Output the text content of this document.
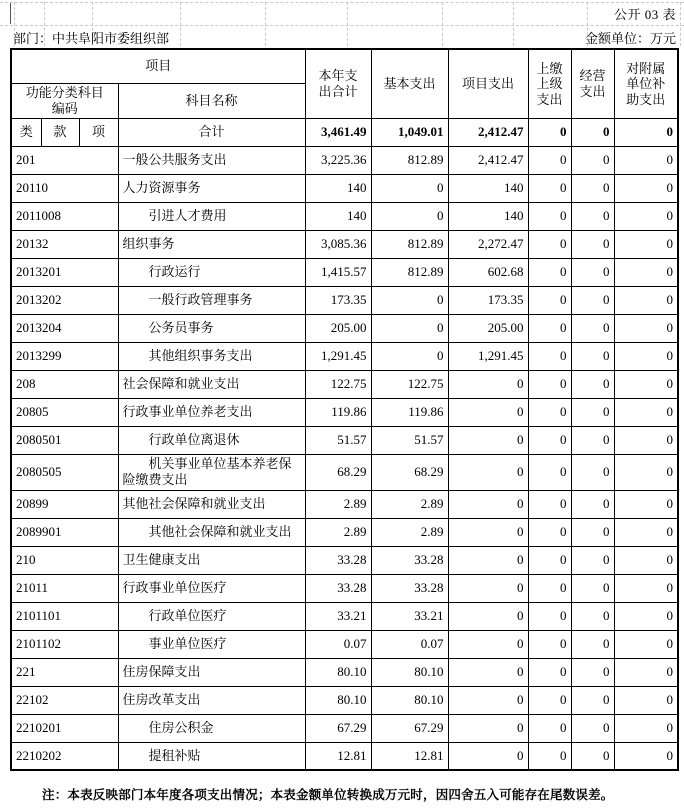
公开 03 表
部门：中共阜阳市委组织部	金额单位：万元
项目				本年支出合计	基本支出	项目支出	上缴上级支出	经营支出	对附属单位补助支出
功能分类科目编码			科目名称						
类	款	项	合计	3,461.49	1,049.01	2,412.47	0	0	0
201			一般公共服务支出	3,225.36	812.89	2,412.47	0	0	0
20110			人力资源事务	140	0	140	0	0	0
2011008			引进人才费用	140	0	140	0	0	0
20132			组织事务	3,085.36	812.89	2,272.47	0	0	0
2013201			行政运行	1,415.57	812.89	602.68	0	0	0
2013202			一般行政管理事务	173.35	0	173.35	0	0	0
2013204			公务员事务	205.00	0	205.00	0	0	0
2013299			其他组织事务支出	1,291.45	0	1,291.45	0	0	0
208			社会保障和就业支出	122.75	122.75	0	0	0	0
20805			行政事业单位养老支出	119.86	119.86	0	0	0	0
2080501			行政单位离退休	51.57	51.57	0	0	0	0
2080505			机关事业单位基本养老保险缴费支出	68.29	68.29	0	0	0	0
20899			其他社会保障和就业支出	2.89	2.89	0	0	0	0
2089901			其他社会保障和就业支出	2.89	2.89	0	0	0	0
210			卫生健康支出	33.28	33.28	0	0	0	0
21011			行政事业单位医疗	33.28	33.28	0	0	0	0
2101101			行政单位医疗	33.21	33.21	0	0	0	0
2101102			事业单位医疗	0.07	0.07	0	0	0	0
221			住房保障支出	80.10	80.10	0	0	0	0
22102			住房改革支出	80.10	80.10	0	0	0	0
2210201			住房公积金	67.29	67.29	0	0	0	0
2210202			提租补贴	12.81	12.81	0	0	0	0
注：本表反映部门本年度各项支出情况；本表金额单位转换成万元时，因四舍五入可能存在尾数误差。
